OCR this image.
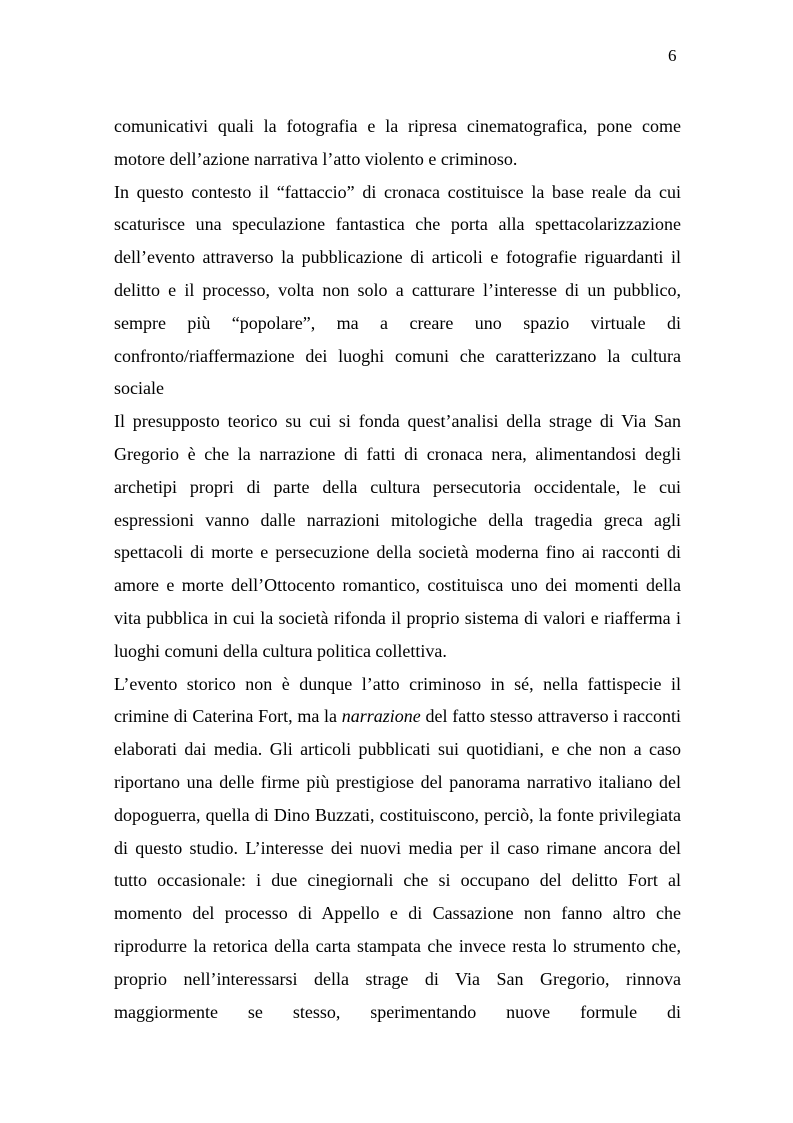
6

comunicativi quali la fotografia e la ripresa cinematografica, pone come motore dell’azione narrativa l’atto violento e criminoso.

In questo contesto il “fattaccio” di cronaca costituisce la base reale da cui scaturisce una speculazione fantastica che porta alla spettacolarizzazione dell’evento attraverso la pubblicazione di articoli e fotografie riguardanti il delitto e il processo, volta non solo a catturare l’interesse di un pubblico, sempre più “popolare”, ma a creare uno spazio virtuale di confronto/riaffermazione dei luoghi comuni che caratterizzano la cultura sociale

Il presupposto teorico su cui si fonda quest’analisi della strage di Via San Gregorio è che la narrazione di fatti di cronaca nera, alimentandosi degli archetipi propri di parte della cultura persecutoria occidentale, le cui espressioni vanno dalle narrazioni mitologiche della tragedia greca agli spettacoli di morte e persecuzione della società moderna fino ai racconti di amore e morte dell’Ottocento romantico, costituisca uno dei momenti della vita pubblica in cui la società rifonda il proprio sistema di valori e riafferma i luoghi comuni della cultura politica collettiva.

L’evento storico non è dunque l’atto criminoso in sé, nella fattispecie il crimine di Caterina Fort, ma la narrazione del fatto stesso attraverso i racconti elaborati dai media. Gli articoli pubblicati sui quotidiani, e che non a caso riportano una delle firme più prestigiose del panorama narrativo italiano del dopoguerra, quella di Dino Buzzati, costituiscono, perciò, la fonte privilegiata di questo studio. L’interesse dei nuovi media per il caso rimane ancora del tutto occasionale: i due cinegiornali che si occupano del delitto Fort al momento del processo di Appello e di Cassazione non fanno altro che riprodurre la retorica della carta stampata che invece resta lo strumento che, proprio nell’interessarsi della strage di Via San Gregorio, rinnova maggiormente se stesso, sperimentando nuove formule di
